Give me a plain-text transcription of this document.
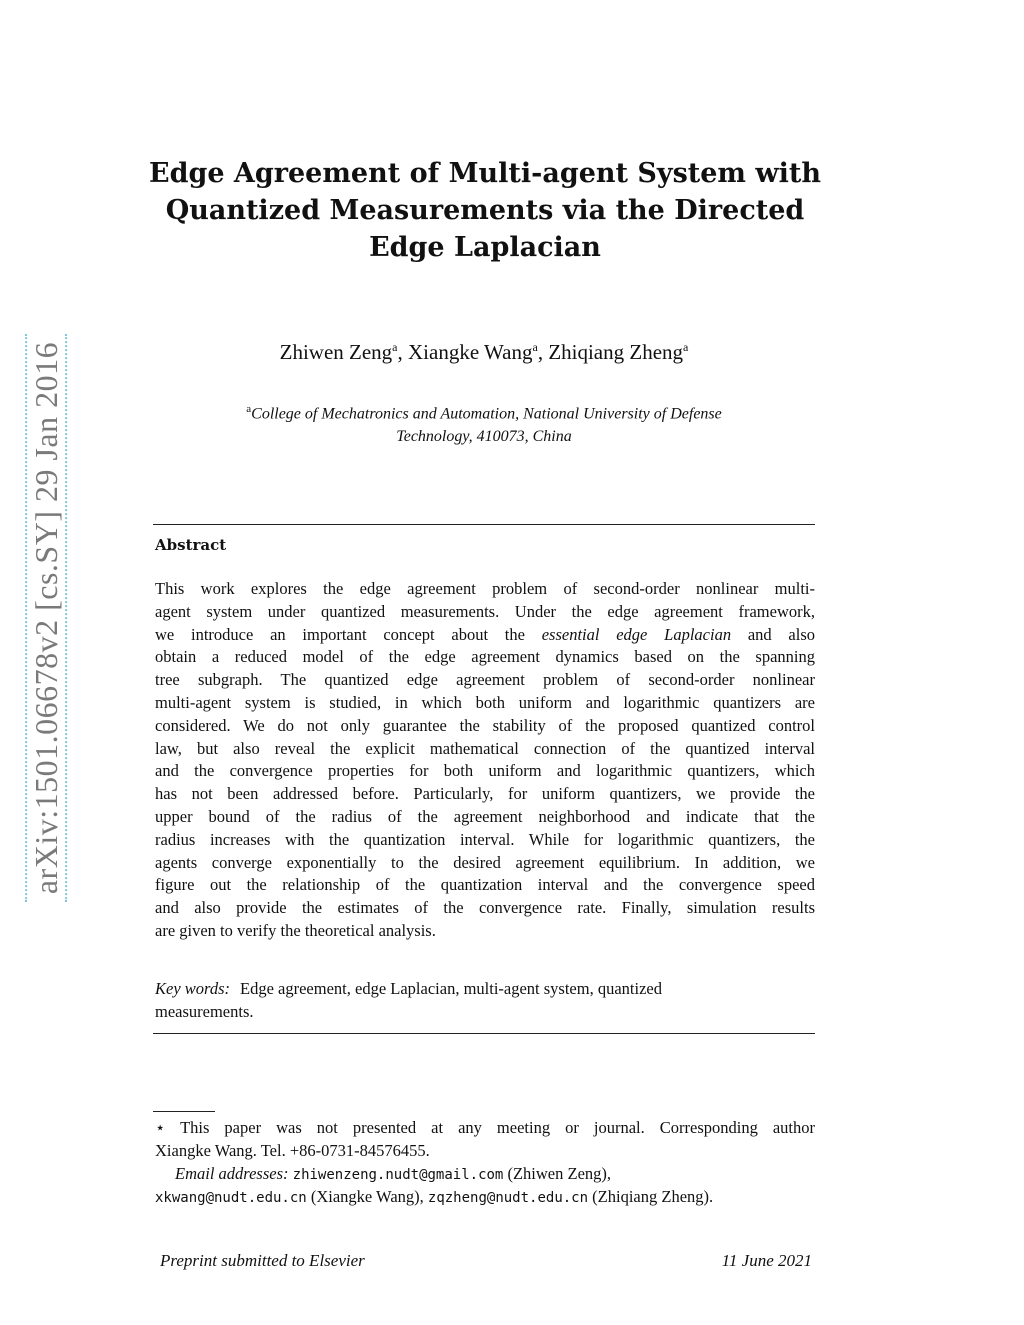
arXiv:1501.06678v2 [cs.SY] 29 Jan 2016
Edge Agreement of Multi-agent System with
Quantized Measurements via the Directed
Edge Laplacian
Zhiwen Zeng$^a$, Xiangke Wang$^a$, Zhiqiang Zheng$^a$
$^a$College of Mechatronics and Automation, National University of Defense
Technology, 410073, China
Abstract
This work explores the edge agreement problem of second-order nonlinear multi-
agent system under quantized measurements. Under the edge agreement framework,
we introduce an important concept about the essential edge Laplacian and also
obtain a reduced model of the edge agreement dynamics based on the spanning
tree subgraph. The quantized edge agreement problem of second-order nonlinear
multi-agent system is studied, in which both uniform and logarithmic quantizers are
considered. We do not only guarantee the stability of the proposed quantized control
law, but also reveal the explicit mathematical connection of the quantized interval
and the convergence properties for both uniform and logarithmic quantizers, which
has not been addressed before. Particularly, for uniform quantizers, we provide the
upper bound of the radius of the agreement neighborhood and indicate that the
radius increases with the quantization interval. While for logarithmic quantizers, the
agents converge exponentially to the desired agreement equilibrium. In addition, we
figure out the relationship of the quantization interval and the convergence speed
and also provide the estimates of the convergence rate. Finally, simulation results
are given to verify the theoretical analysis.
Key words: Edge agreement, edge Laplacian, multi-agent system, quantized
measurements.
⋆ This paper was not presented at any meeting or journal. Corresponding author
Xiangke Wang. Tel. +86-0731-84576455.
Email addresses: zhiwenzeng.nudt@gmail.com (Zhiwen Zeng),
xkwang@nudt.edu.cn (Xiangke Wang), zqzheng@nudt.edu.cn (Zhiqiang Zheng).
Preprint submitted to Elsevier	11 June 2021
